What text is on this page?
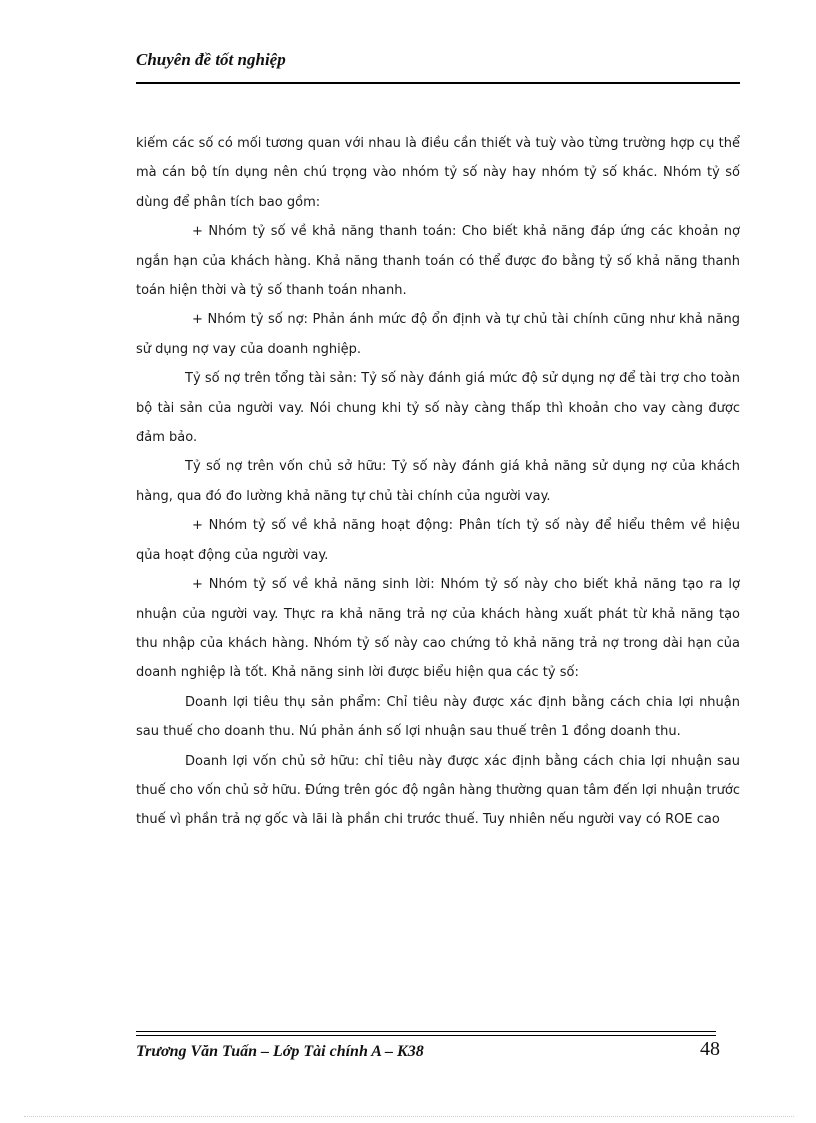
Chuyên đề tốt nghiệp

kiếm các số có mối tương quan với nhau là điều cần thiết và tuỳ vào từng trường hợp cụ thể mà cán bộ tín dụng nên chú trọng vào nhóm tỷ số này hay nhóm tỷ số khác. Nhóm tỷ số dùng để phân tích bao gồm:

+ Nhóm tỷ số về khả năng thanh toán: Cho biết khả năng đáp ứng các khoản nợ ngắn hạn của khách hàng. Khả năng thanh toán có thể được đo bằng tỷ số khả năng thanh toán hiện thời và tỷ số thanh toán nhanh.

+ Nhóm tỷ số nợ: Phản ánh mức độ ổn định và tự chủ tài chính cũng như khả năng sử dụng nợ vay của doanh nghiệp.

Tỷ số nợ trên tổng tài sản: Tỷ số này đánh giá mức độ sử dụng nợ để tài trợ cho toàn bộ tài sản của người vay. Nói chung khi tỷ số này càng thấp thì khoản cho vay càng được đảm bảo.

Tỷ số nợ trên vốn chủ sở hữu: Tỷ số này đánh giá khả năng sử dụng nợ của khách hàng, qua đó đo lường khả năng tự chủ tài chính của người vay.

+ Nhóm tỷ số về khả năng hoạt động: Phân tích tỷ số này để hiểu thêm về hiệu qủa hoạt động của người vay.

+ Nhóm tỷ số về khả năng sinh lời: Nhóm tỷ số này cho biết khả năng tạo ra lợ nhuận của người vay. Thực ra khả năng trả nợ của khách hàng xuất phát từ khả năng tạo thu nhập của khách hàng. Nhóm tỷ số này cao chứng tỏ khả năng trả nợ trong dài hạn của doanh nghiệp là tốt. Khả năng sinh lời được biểu hiện qua các tỷ số:

Doanh lợi tiêu thụ sản phẩm: Chỉ tiêu này được xác định bằng cách chia lợi nhuận sau thuế cho doanh thu. Nú phản ánh số lợi nhuận sau thuế trên 1 đồng doanh thu.

Doanh lợi vốn chủ sở hữu: chỉ tiêu này được xác định bằng cách chia lợi nhuận sau thuế cho vốn chủ sở hữu. Đứng trên góc độ ngân hàng thường quan tâm đến lợi nhuận trước thuế vì phần trả nợ gốc và lãi là phần chi trước thuế. Tuy nhiên nếu người vay có ROE cao

Trương Văn Tuấn – Lớp Tài chính A – K38	48
